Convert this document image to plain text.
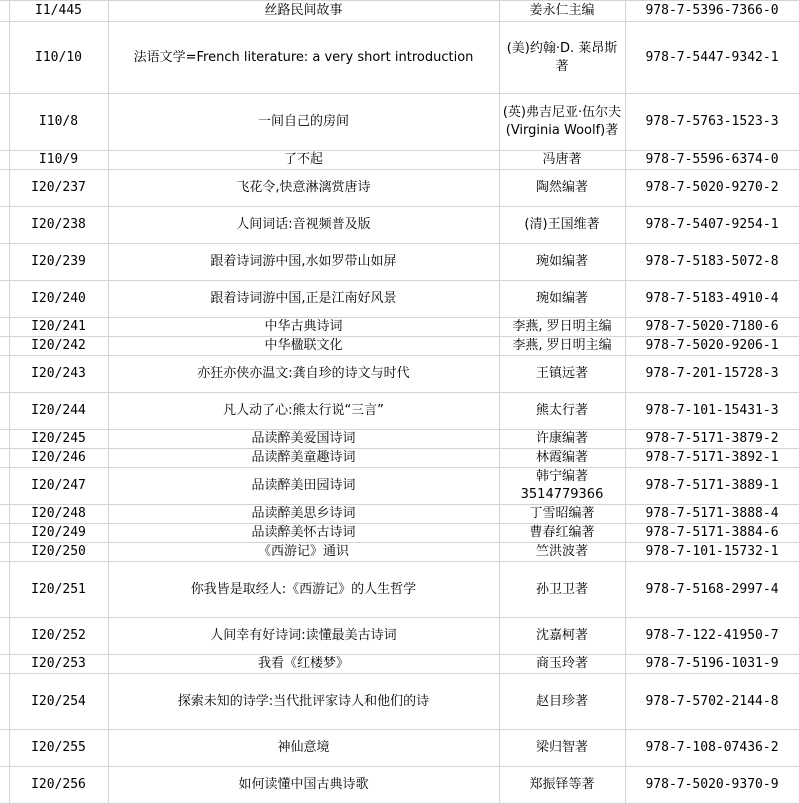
	I1/445	丝路民间故事	姜永仁主编	978-7-5396-7366-0
	I10/10	法语文学=French literature: a very short introduction	(美)约翰·D. 莱昂斯著	978-7-5447-9342-1
	I10/8	一间自己的房间	(英)弗吉尼亚·伍尔夫(Virginia Woolf)著	978-7-5763-1523-3
	I10/9	了不起	冯唐著	978-7-5596-6374-0
	I20/237	飞花令,快意淋漓赏唐诗	陶然编著	978-7-5020-9270-2
	I20/238	人间词话:音视频普及版	(清)王国维著	978-7-5407-9254-1
	I20/239	跟着诗词游中国,水如罗带山如屏	琬如编著	978-7-5183-5072-8
	I20/240	跟着诗词游中国,正是江南好风景	琬如编著	978-7-5183-4910-4
	I20/241	中华古典诗词	李燕, 罗日明主编	978-7-5020-7180-6
	I20/242	中华楹联文化	李燕, 罗日明主编	978-7-5020-9206-1
	I20/243	亦狂亦侠亦温文:龚自珍的诗文与时代	王镇远著	978-7-201-15728-3
	I20/244	凡人动了心:熊太行说“三言”	熊太行著	978-7-101-15431-3
	I20/245	品读醉美爱国诗词	许康编著	978-7-5171-3879-2
	I20/246	品读醉美童趣诗词	林霞编著	978-7-5171-3892-1
	I20/247	品读醉美田园诗词	韩宁编著 3514779366	978-7-5171-3889-1
	I20/248	品读醉美思乡诗词	丁雪昭编著	978-7-5171-3888-4
	I20/249	品读醉美怀古诗词	曹春红编著	978-7-5171-3884-6
	I20/250	《西游记》通识	竺洪波著	978-7-101-15732-1
	I20/251	你我皆是取经人:《西游记》的人生哲学	孙卫卫著	978-7-5168-2997-4
	I20/252	人间幸有好诗词:读懂最美古诗词	沈嘉柯著	978-7-122-41950-7
	I20/253	我看《红楼梦》	商玉玲著	978-7-5196-1031-9
	I20/254	探索未知的诗学:当代批评家诗人和他们的诗	赵目珍著	978-7-5702-2144-8
	I20/255	神仙意境	梁归智著	978-7-108-07436-2
	I20/256	如何读懂中国古典诗歌	郑振铎等著	978-7-5020-9370-9
